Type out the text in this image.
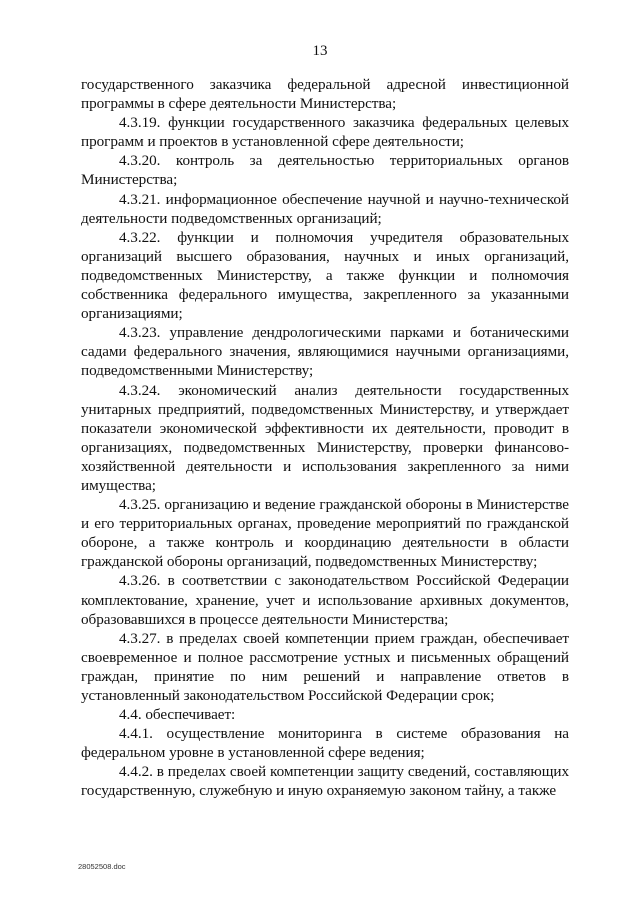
13

государственного заказчика федеральной адресной инвестиционной программы в сфере деятельности Министерства;

4.3.19. функции государственного заказчика федеральных целевых программ и проектов в установленной сфере деятельности;

4.3.20. контроль за деятельностью территориальных органов Министерства;

4.3.21. информационное обеспечение научной и научно-технической деятельности подведомственных организаций;

4.3.22. функции и полномочия учредителя образовательных организаций высшего образования, научных и иных организаций, подведомственных Министерству, а также функции и полномочия собственника федерального имущества, закрепленного за указанными организациями;

4.3.23. управление дендрологическими парками и ботаническими садами федерального значения, являющимися научными организациями, подведомственными Министерству;

4.3.24. экономический анализ деятельности государственных унитарных предприятий, подведомственных Министерству, и утверждает показатели экономической эффективности их деятельности, проводит в организациях, подведомственных Министерству, проверки финансово-хозяйственной деятельности и использования закрепленного за ними имущества;

4.3.25. организацию и ведение гражданской обороны в Министерстве и его территориальных органах, проведение мероприятий по гражданской обороне, а также контроль и координацию деятельности в области гражданской обороны организаций, подведомственных Министерству;

4.3.26. в соответствии с законодательством Российской Федерации комплектование, хранение, учет и использование архивных документов, образовавшихся в процессе деятельности Министерства;

4.3.27. в пределах своей компетенции прием граждан, обеспечивает своевременное и полное рассмотрение устных и письменных обращений граждан, принятие по ним решений и направление ответов в установленный законодательством Российской Федерации срок;

4.4. обеспечивает:

4.4.1. осуществление мониторинга в системе образования на федеральном уровне в установленной сфере ведения;

4.4.2. в пределах своей компетенции защиту сведений, составляющих государственную, служебную и иную охраняемую законом тайну, а также

28052508.doc
